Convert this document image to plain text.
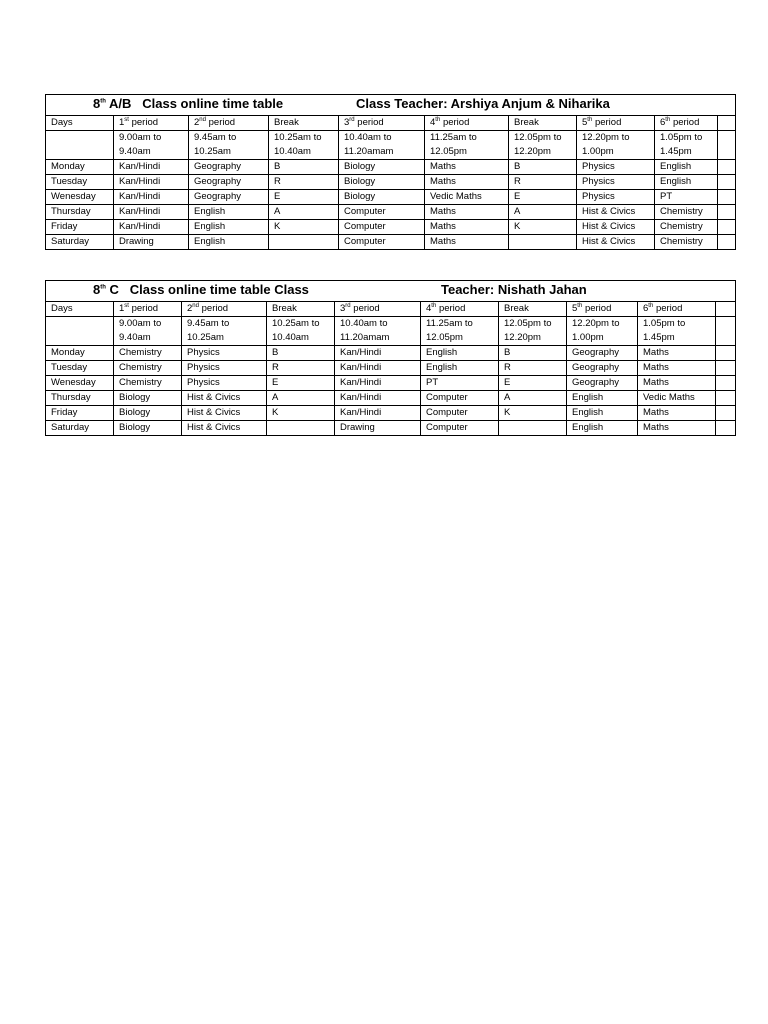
8th A/B   Class online time table Class Teacher: Arshiya Anjum & Niharika									

Days	1st period	2nd period	Break	3rd period	4th period	Break	5th period	6th period	
	9.00am to	9.45am to	10.25am to	10.40am to	11.25am to	12.05pm to	12.20pm to	1.05pm to	
	9.40am	10.25am	10.40am	11.20amam	12.05pm	12.20pm	1.00pm	1.45pm	
Monday	Kan/Hindi	Geography	B	Biology	Maths	B	Physics	English	
Tuesday	Kan/Hindi	Geography	R	Biology	Maths	R	Physics	English	
Wenesday	Kan/Hindi	Geography	E	Biology	Vedic Maths	E	Physics	PT	
Thursday	Kan/Hindi	English	A	Computer	Maths	A	Hist & Civics	Chemistry	
Friday	Kan/Hindi	English	K	Computer	Maths	K	Hist & Civics	Chemistry	
Saturday	Drawing	English		Computer	Maths		Hist & Civics	Chemistry	
8th C   Class online time table Class Teacher: Nishath Jahan									

Days	1st period	2nd period	Break	3rd period	4th period	Break	5th period	6th period	
	9.00am to	9.45am to	10.25am to	10.40am to	11.25am to	12.05pm to	12.20pm to	1.05pm to	
	9.40am	10.25am	10.40am	11.20amam	12.05pm	12.20pm	1.00pm	1.45pm	
Monday	Chemistry	Physics	B	Kan/Hindi	English	B	Geography	Maths	
Tuesday	Chemistry	Physics	R	Kan/Hindi	English	R	Geography	Maths	
Wenesday	Chemistry	Physics	E	Kan/Hindi	PT	E	Geography	Maths	
Thursday	Biology	Hist & Civics	A	Kan/Hindi	Computer	A	English	Vedic Maths	
Friday	Biology	Hist & Civics	K	Kan/Hindi	Computer	K	English	Maths	
Saturday	Biology	Hist & Civics		Drawing	Computer		English	Maths	
